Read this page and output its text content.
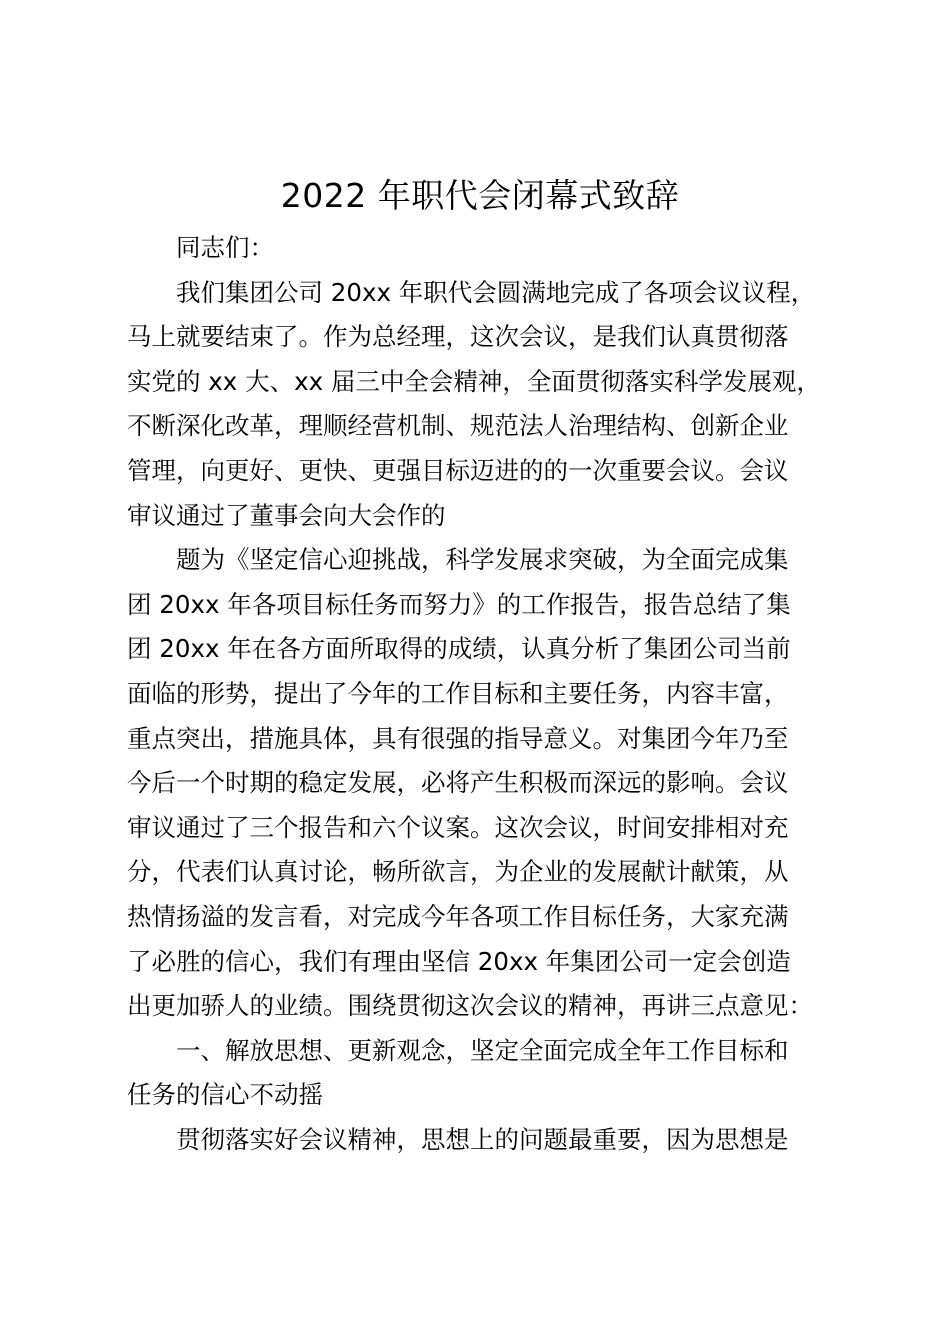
2022 年职代会闭幕式致辞

同志们：

我们集团公司 20xx 年职代会圆满地完成了各项会议议程，
马上就要结束了。作为总经理，这次会议，是我们认真贯彻落
实党的 xx 大、xx 届三中全会精神，全面贯彻落实科学发展观，
不断深化改革，理顺经营机制、规范法人治理结构、创新企业
管理，向更好、更快、更强目标迈进的的一次重要会议。会议
审议通过了董事会向大会作的
题为《坚定信心迎挑战，科学发展求突破，为全面完成集
团 20xx 年各项目标任务而努力》的工作报告，报告总结了集
团 20xx 年在各方面所取得的成绩，认真分析了集团公司当前
面临的形势，提出了今年的工作目标和主要任务，内容丰富，
重点突出，措施具体，具有很强的指导意义。对集团今年乃至
今后一个时期的稳定发展，必将产生积极而深远的影响。会议
审议通过了三个报告和六个议案。这次会议，时间安排相对充
分，代表们认真讨论，畅所欲言，为企业的发展献计献策，从
热情扬溢的发言看，对完成今年各项工作目标任务，大家充满
了必胜的信心，我们有理由坚信 20xx 年集团公司一定会创造
出更加骄人的业绩。围绕贯彻这次会议的精神，再讲三点意见：
一、解放思想、更新观念，坚定全面完成全年工作目标和
任务的信心不动摇
贯彻落实好会议精神，思想上的问题最重要，因为思想是
